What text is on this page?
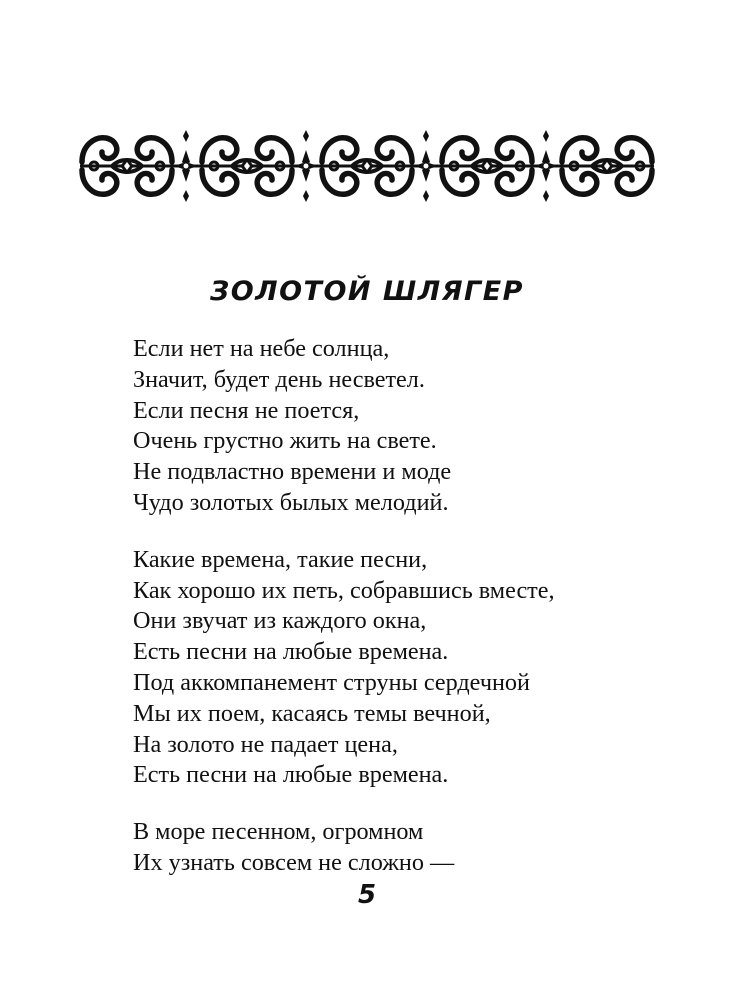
ЗОЛОТОЙ ШЛЯГЕР
Если нет на небе солнца,
Значит, будет день несветел.
Если песня не поется,
Очень грустно жить на свете.
Не подвластно времени и моде
Чудо золотых былых мелодий.
Какие времена, такие песни,
Как хорошо их петь, собравшись вместе,
Они звучат из каждого окна,
Есть песни на любые времена.
Под аккомпанемент струны сердечной
Мы их поем, касаясь темы вечной,
На золото не падает цена,
Есть песни на любые времена.
В море песенном, огромном
Их узнать совсем не сложно —
5
